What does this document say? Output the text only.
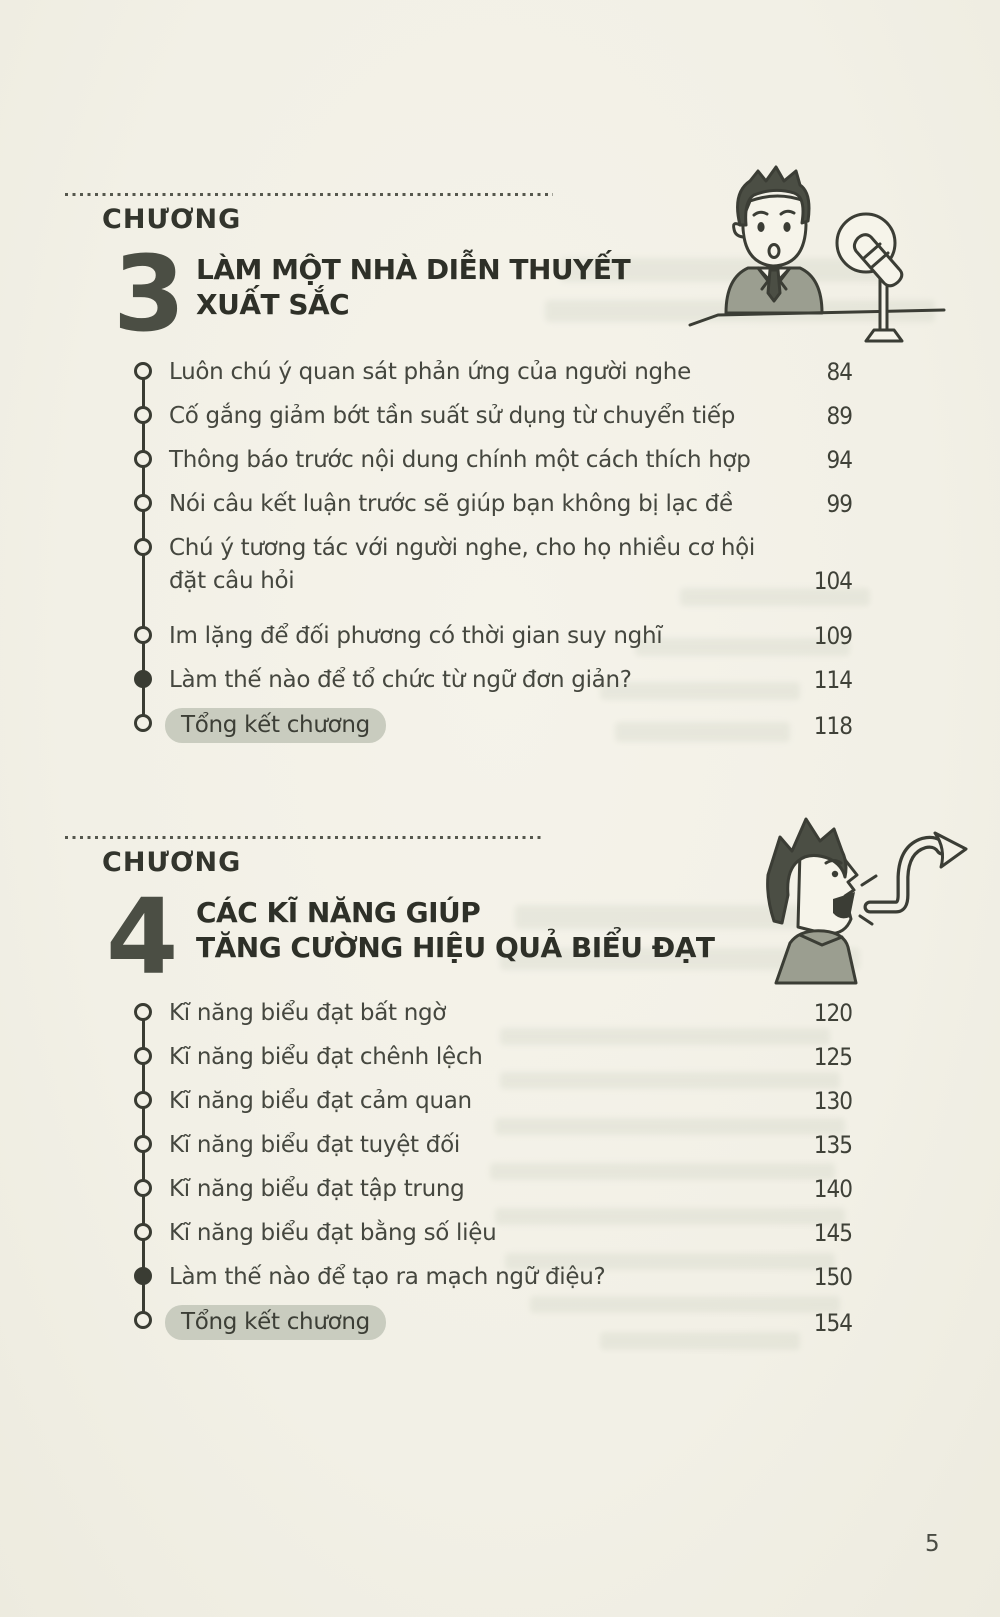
CHƯƠNG
3 LÀM MỘT NHÀ DIỄN THUYẾT
XUẤT SẮC
Luôn chú ý quan sát phản ứng của người nghe	84
Cố gắng giảm bớt tần suất sử dụng từ chuyển tiếp	89
Thông báo trước nội dung chính một cách thích hợp	94
Nói câu kết luận trước sẽ giúp bạn không bị lạc đề	99
Chú ý tương tác với người nghe, cho họ nhiều cơ hội đặt câu hỏi	104
Im lặng để đối phương có thời gian suy nghĩ	109
Làm thế nào để tổ chức từ ngữ đơn giản?	114
Tổng kết chương	118
CHƯƠNG
4 CÁC KĨ NĂNG GIÚP
TĂNG CƯỜNG HIỆU QUẢ BIỂU ĐẠT
Kĩ năng biểu đạt bất ngờ	120
Kĩ năng biểu đạt chênh lệch	125
Kĩ năng biểu đạt cảm quan	130
Kĩ năng biểu đạt tuyệt đối	135
Kĩ năng biểu đạt tập trung	140
Kĩ năng biểu đạt bằng số liệu	145
Làm thế nào để tạo ra mạch ngữ điệu?	150
Tổng kết chương	154
5
